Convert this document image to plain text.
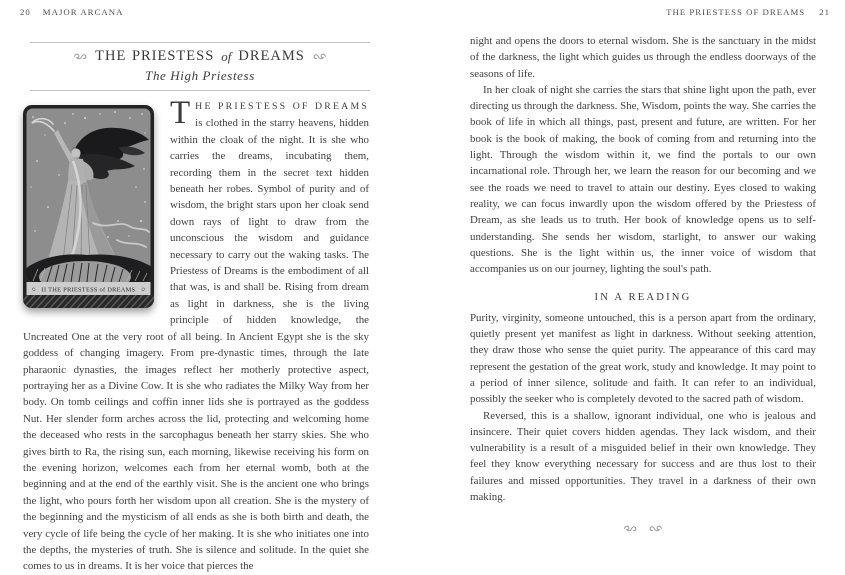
20 MAJOR ARCANA	THE PRIESTESS OF DREAMS 21
THE PRIESTESS of DREAMS
The High Priestess
II THE PRIESTESS of DREAMS
T HE PRIESTESS OF DREAMS is clothed in the starry heavens, hidden within the cloak of the night. It is she who carries the dreams, incubating them, recording them in the secret text hidden beneath her robes. Symbol of purity and of wisdom, the bright stars upon her cloak send down rays of light to draw from the unconscious the wisdom and guidance necessary to carry out the waking tasks. The Priestess of Dreams is the embodiment of all that was, is and shall be. Rising from dream as light in darkness, she is the living principle of hidden knowledge, the Uncreated One at the very root of all being. In Ancient Egypt she is the sky goddess of changing imagery. From pre-dynastic times, through the late pharaonic dynasties, the images reflect her motherly protective aspect, portraying her as a Divine Cow. It is she who radiates the Milky Way from her body. On tomb ceilings and coffin inner lids she is portrayed as the goddess Nut. Her slender form arches across the lid, protecting and welcoming home the deceased who rests in the sarcophagus beneath her starry skies. She who gives birth to Ra, the rising sun, each morning, likewise receiving his form on the evening horizon, welcomes each from her eternal womb, both at the beginning and at the end of the earthly visit. She is the ancient one who brings the light, who pours forth her wisdom upon all creation. She is the mystery of the beginning and the mysticism of all ends as she is both birth and death, the very cycle of life being the cycle of her making. It is she who initiates one into the depths, the mysteries of truth. She is silence and solitude. In the quiet she comes to us in dreams. It is her voice that pierces the

night and opens the doors to eternal wisdom. She is the sanctuary in the midst of the darkness, the light which guides us through the endless doorways of the seasons of life.

In her cloak of night she carries the stars that shine light upon the path, ever directing us through the darkness. She, Wisdom, points the way. She carries the book of life in which all things, past, present and future, are written. For her book is the book of making, the book of coming from and returning into the light. Through the wisdom within it, we find the portals to our own incarnational role. Through her, we learn the reason for our becoming and we see the roads we need to travel to attain our destiny. Eyes closed to waking reality, we can focus inwardly upon the wisdom offered by the Priestess of Dream, as she leads us to truth. Her book of knowledge opens us to self-understanding. She sends her wisdom, starlight, to answer our waking questions. She is the light within us, the inner voice of wisdom that accompanies us on our journey, lighting the soul's path.

IN A READING

Purity, virginity, someone untouched, this is a person apart from the ordinary, quietly present yet manifest as light in darkness. Without seeking attention, they draw those who sense the quiet purity. The appearance of this card may represent the gestation of the great work, study and knowledge. It may point to a period of inner silence, solitude and faith. It can refer to an individual, possibly the seeker who is completely devoted to the sacred path of wisdom.

Reversed, this is a shallow, ignorant individual, one who is jealous and insincere. Their quiet covers hidden agendas. They lack wisdom, and their vulnerability is a result of a misguided belief in their own knowledge. They feel they know everything necessary for success and are thus lost to their failures and missed opportunities. They travel in a darkness of their own making.
